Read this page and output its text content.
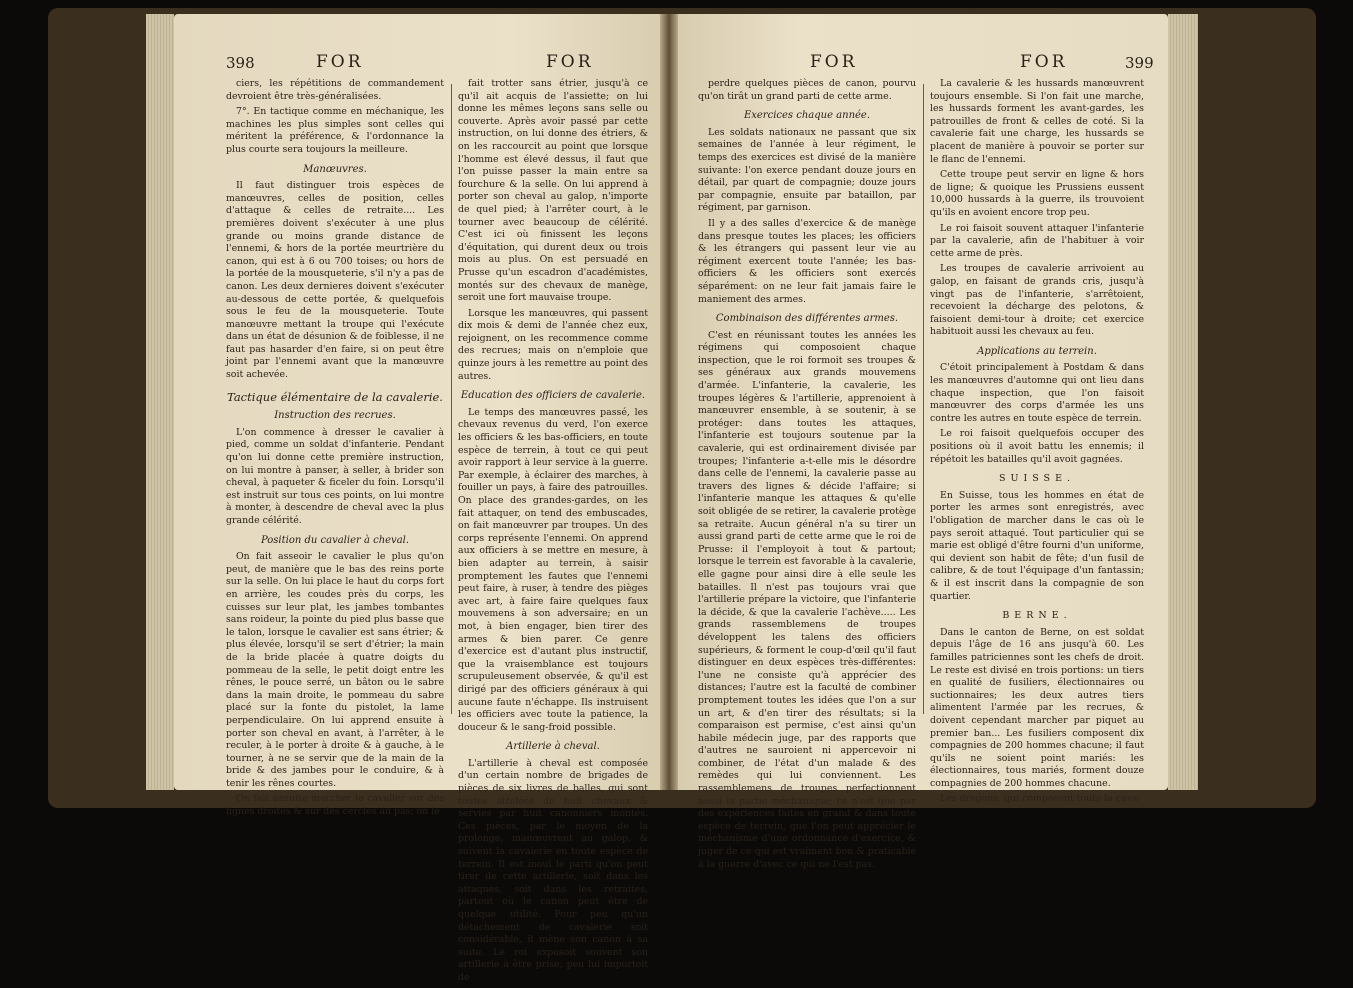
398	FOR	FOR

ciers, les répétitions de commandement devroient être très-généralisées.

7°. En tactique comme en méchanique, les machines les plus simples sont celles qui méritent la préférence, & l'ordonnance la plus courte sera toujours la meilleure.

Manœuvres.

Il faut distinguer trois espèces de manœuvres, celles de position, celles d'attaque & celles de retraite.... Les premières doivent s'exécuter à une plus grande ou moins grande distance de l'ennemi, & hors de la portée meurtrière du canon, qui est à 6 ou 700 toises; ou hors de la portée de la mousqueterie, s'il n'y a pas de canon. Les deux dernieres doivent s'exécuter au-dessous de cette portée, & quelquefois sous le feu de la mousqueterie. Toute manœuvre mettant la troupe qui l'exécute dans un état de désunion & de foiblesse, il ne faut pas hasarder d'en faire, si on peut être joint par l'ennemi avant que la manœuvre soit achevée.

Tactique élémentaire de la cavalerie.
Instruction des recrues.

L'on commence à dresser le cavalier à pied, comme un soldat d'infanterie. Pendant qu'on lui donne cette première instruction, on lui montre à panser, à seller, à brider son cheval, à paqueter & ficeler du foin. Lorsqu'il est instruit sur tous ces points, on lui montre à monter, à descendre de cheval avec la plus grande célérité.

Position du cavalier à cheval.

On fait asseoir le cavalier le plus qu'on peut, de manière que le bas des reins porte sur la selle. On lui place le haut du corps fort en arrière, les coudes près du corps, les cuisses sur leur plat, les jambes tombantes sans roideur, la pointe du pied plus basse que le talon, lorsque le cavalier est sans étrier; & plus élevée, lorsqu'il se sert d'étrier; la main de la bride placée à quatre doigts du pommeau de la selle, le petit doigt entre les rênes, le pouce serré, un bâton ou le sabre dans la main droite, le pommeau du sabre placé sur la fonte du pistolet, la lame perpendiculaire. On lui apprend ensuite à porter son cheval en avant, à l'arrêter, à le reculer, à le porter à droite & à gauche, à le tourner, à ne se servir que de la main de la bride & des jambes pour le conduire, & à tenir les rênes courtes.

On fait ensuite marcher le cavalier sur des lignes droites & sur des cercles au pas; on le

fait trotter sans étrier, jusqu'à ce qu'il ait acquis de l'assiette; on lui donne les mêmes leçons sans selle ou couverte. Après avoir passé par cette instruction, on lui donne des étriers, & on les raccourcit au point que lorsque l'homme est élevé dessus, il faut que l'on puisse passer la main entre sa fourchure & la selle. On lui apprend à porter son cheval au galop, n'importe de quel pied; à l'arrêter court, à le tourner avec beaucoup de célérité. C'est ici où finissent les leçons d'équitation, qui durent deux ou trois mois au plus. On est persuadé en Prusse qu'un escadron d'académistes, montés sur des chevaux de manège, seroit une fort mauvaise troupe.

Lorsque les manœuvres, qui passent dix mois & demi de l'année chez eux, rejoignent, on les recommence comme des recrues; mais on n'emploie que quinze jours à les remettre au point des autres.

Education des officiers de cavalerie.

Le temps des manœuvres passé, les chevaux revenus du verd, l'on exerce les officiers & les bas-officiers, en toute espèce de terrein, à tout ce qui peut avoir rapport à leur service à la guerre. Par exemple, à éclairer des marches, à fouiller un pays, à faire des patrouilles. On place des grandes-gardes, on les fait attaquer, on tend des embuscades, on fait manœuvrer par troupes. Un des corps représente l'ennemi. On apprend aux officiers à se mettre en mesure, à bien adapter au terrein, à saisir promptement les fautes que l'ennemi peut faire, à ruser, à tendre des pièges avec art, à faire faire quelques faux mouvemens à son adversaire; en un mot, à bien engager, bien tirer des armes & bien parer. Ce genre d'exercice est d'autant plus instructif, que la vraisemblance est toujours scrupuleusement observée, & qu'il est dirigé par des officiers généraux à qui aucune faute n'échappe. Ils instruisent les officiers avec toute la patience, la douceur & le sang-froid possible.

Artillerie à cheval.

L'artillerie à cheval est composée d'un certain nombre de brigades de pièces de six livres de balles, qui sont toutes attelées de huit chevaux & servies par huit canonniers montés. Ces pièces, par le moyen de la prolonge, manœuvrent au galop, & suivent la cavalerie en toute espèce de terrein. Il est inouï le parti qu'on peut tirer de cette artillerie, soit dans les attaques, soit dans les retraites, partout où le canon peut être de quelque utilité. Pour peu qu'un détachement de cavalerie soit considérable, il mène son canon à sa suite. Le roi exposoit souvent son artillerie à être prise; peu lui importoit de

FOR	FOR	399

perdre quelques pièces de canon, pourvu qu'on tirât un grand parti de cette arme.

Exercices chaque année.

Les soldats nationaux ne passant que six semaines de l'année à leur régiment, le temps des exercices est divisé de la manière suivante: l'on exerce pendant douze jours en détail, par quart de compagnie; douze jours par compagnie, ensuite par bataillon, par régiment, par garnison.

Il y a des salles d'exercice & de manège dans presque toutes les places; les officiers & les étrangers qui passent leur vie au régiment exercent toute l'année; les bas-officiers & les officiers sont exercés séparément: on ne leur fait jamais faire le maniement des armes.

Combinaison des différentes armes.

C'est en réunissant toutes les années les régimens qui composoient chaque inspection, que le roi formoit ses troupes & ses généraux aux grands mouvemens d'armée. L'infanterie, la cavalerie, les troupes légères & l'artillerie, apprenoient à manœuvrer ensemble, à se soutenir, à se protéger: dans toutes les attaques, l'infanterie est toujours soutenue par la cavalerie, qui est ordinairement divisée par troupes; l'infanterie a-t-elle mis le désordre dans celle de l'ennemi, la cavalerie passe au travers des lignes & décide l'affaire; si l'infanterie manque les attaques & qu'elle soit obligée de se retirer, la cavalerie protège sa retraite. Aucun général n'a su tirer un aussi grand parti de cette arme que le roi de Prusse: il l'employoit à tout & partout; lorsque le terrein est favorable à la cavalerie, elle gagne pour ainsi dire à elle seule les batailles. Il n'est pas toujours vrai que l'artillerie prépare la victoire, que l'infanterie la décide, & que la cavalerie l'achève..... Les grands rassemblemens de troupes développent les talens des officiers supérieurs, & forment le coup-d'œil qu'il faut distinguer en deux espèces très-différentes: l'une ne consiste qu'à apprécier des distances; l'autre est la faculté de combiner promptement toutes les idées que l'on a sur un art, & d'en tirer des résultats; si la comparaison est permise, c'est ainsi qu'un habile médecin juge, par des rapports que d'autres ne sauroient ni appercevoir ni combiner, de l'état d'un malade & des remèdes qui lui conviennent. Les rassemblemens de troupes perfectionnent aussi la partie méchanique; ce n'est que par des expériences faites en grand & dans toute espèce de terrein, que l'on peut apprécier le méchanisme d'une ordonnance d'exercice, & juger de ce qui est vraiment bon & praticable à la guerre d'avec ce qui ne l'est pas.

La cavalerie & les hussards manœuvrent toujours ensemble. Si l'on fait une marche, les hussards forment les avant-gardes, les patrouilles de front & celles de coté. Si la cavalerie fait une charge, les hussards se placent de manière à pouvoir se porter sur le flanc de l'ennemi.

Cette troupe peut servir en ligne & hors de ligne; & quoique les Prussiens eussent 10,000 hussards à la guerre, ils trouvoient qu'ils en avoient encore trop peu.

Le roi faisoit souvent attaquer l'infanterie par la cavalerie, afin de l'habituer à voir cette arme de près.

Les troupes de cavalerie arrivoient au galop, en faisant de grands cris, jusqu'à vingt pas de l'infanterie, s'arrêtoient, recevoient la décharge des pelotons, & faisoient demi-tour à droite; cet exercice habituoit aussi les chevaux au feu.

Applications au terrein.

C'étoit principalement à Postdam & dans les manœuvres d'automne qui ont lieu dans chaque inspection, que l'on faisoit manœuvrer des corps d'armée les uns contre les autres en toute espèce de terrein.

Le roi faisoit quelquefois occuper des positions où il avoit battu les ennemis; il répétoit les batailles qu'il avoit gagnées.

SUISSE.

En Suisse, tous les hommes en état de porter les armes sont enregistrés, avec l'obligation de marcher dans le cas où le pays seroit attaqué. Tout particulier qui se marie est obligé d'être fourni d'un uniforme, qui devient son habit de fête; d'un fusil de calibre, & de tout l'équipage d'un fantassin; & il est inscrit dans la compagnie de son quartier.

BERNE.

Dans le canton de Berne, on est soldat depuis l'âge de 16 ans jusqu'à 60. Les familles patriciennes sont les chefs de droit. Le reste est divisé en trois portions: un tiers en qualité de fusiliers, électionnaires ou suctionnaires; les deux autres tiers alimentent l'armée par les recrues, & doivent cependant marcher par piquet au premier ban... Les fusiliers composent dix compagnies de 200 hommes chacune; il faut qu'ils ne soient point mariés: les électionnaires, tous mariés, forment douze compagnies de 200 hommes chacune.

Les dragons, qui composent toute la cava-
